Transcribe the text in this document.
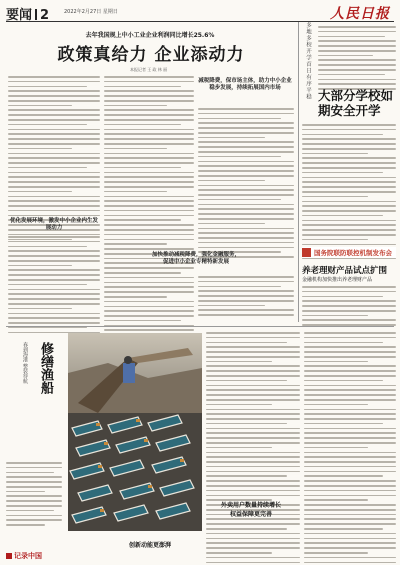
要闻 2	2022年2月27日 星期日	人民日报
去年我国规上中小工业企业利润同比增长25.6%
政策真给力 企业添动力
本报记者 王 政 林 丽
优化发展环境，激发中小企业内生发展动力
减税降费，保市场主体，助力中小企业稳步发展，持续拓展国内市场
加快推动减税降费，强化金融服务，促进中小企业专精特新发展
多地多校开学首日有序平稳 大部分学校如期安全开学
国务院联防联控机制发布会
养老理财产品试点扩围
金融机构加快推出养老理财产品
修缮渔船
春到海港 整装待航
外卖用户数量持续增长
权益保障更完善
创新动能更澎湃
记录中国
